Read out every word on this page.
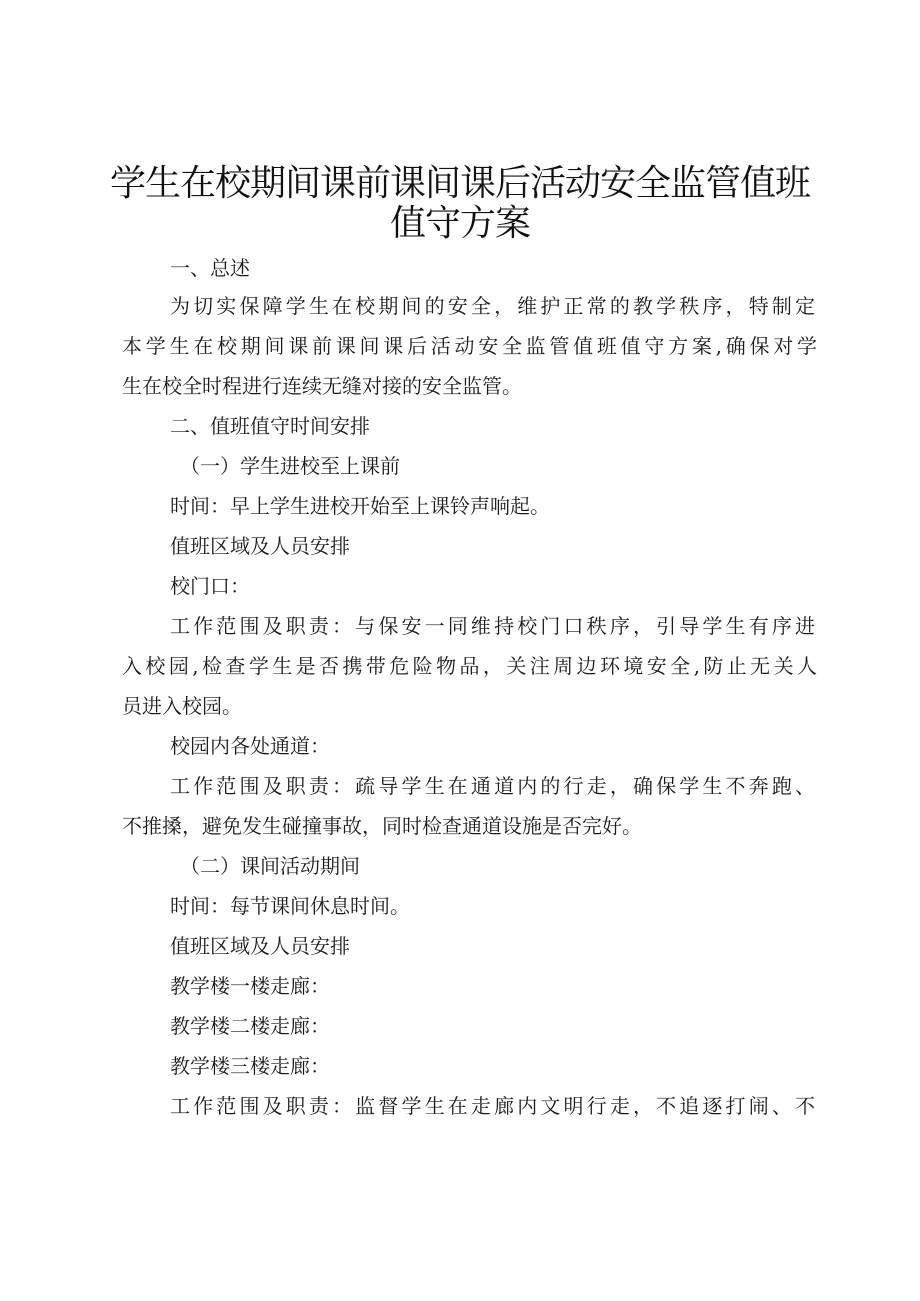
学生在校期间课前课间课后活动安全监管值班
值守方案
一、总述
为切实保障学生在校期间的安全，维护正常的教学秩序，特制定
本学生在校期间课前课间课后活动安全监管值班值守方案,确保对学
生在校全时程进行连续无缝对接的安全监管。
二、值班值守时间安排
（一）学生进校至上课前
时间：早上学生进校开始至上课铃声响起。
值班区域及人员安排
校门口：
工作范围及职责：与保安一同维持校门口秩序，引导学生有序进
入校园,检查学生是否携带危险物品，关注周边环境安全,防止无关人
员进入校园。
校园内各处通道：
工作范围及职责：疏导学生在通道内的行走，确保学生不奔跑、
不推搡，避免发生碰撞事故，同时检查通道设施是否完好。
（二）课间活动期间
时间：每节课间休息时间。
值班区域及人员安排
教学楼一楼走廊：
教学楼二楼走廊：
教学楼三楼走廊：
工作范围及职责：监督学生在走廊内文明行走，不追逐打闹、不
